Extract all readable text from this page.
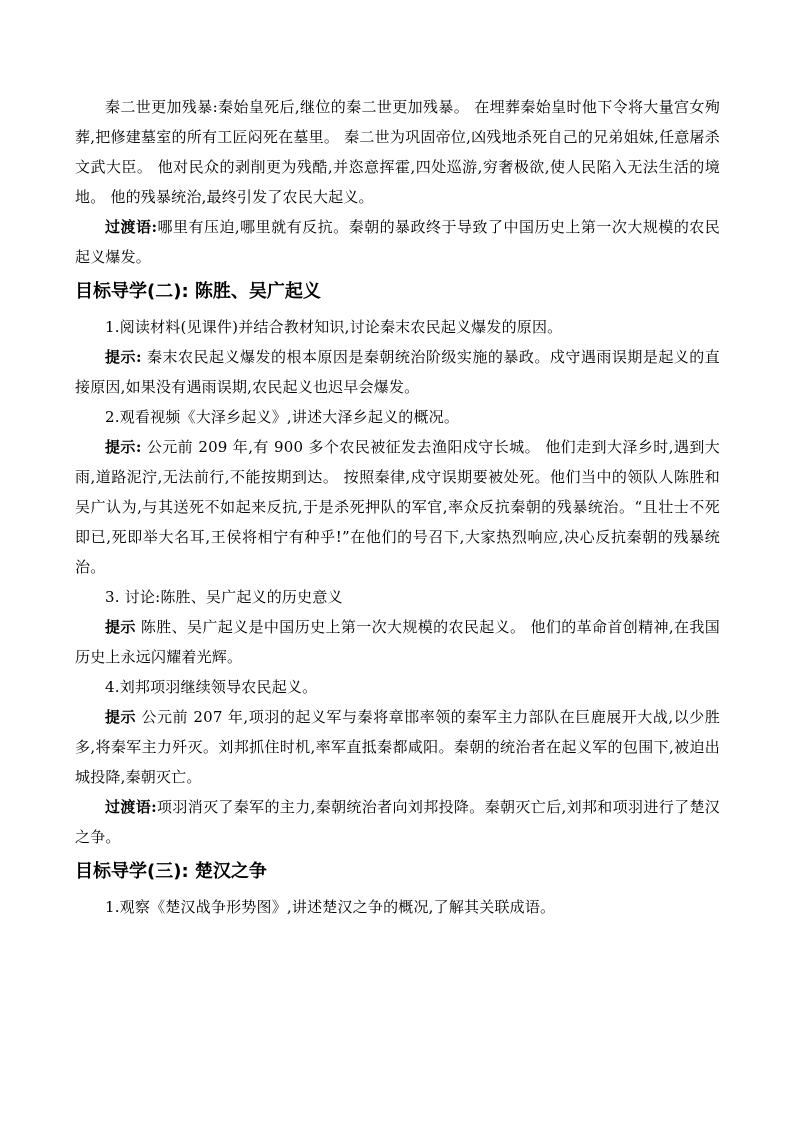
秦二世更加残暴:秦始皇死后,继位的秦二世更加残暴。 在埋葬秦始皇时他下令将大量宫女殉葬,把修建墓室的所有工匠闷死在墓里。 秦二世为巩固帝位,凶残地杀死自己的兄弟姐妹,任意屠杀文武大臣。 他对民众的剥削更为残酷,并恣意挥霍,四处巡游,穷奢极欲,使人民陷入无法生活的境地。 他的残暴统治,最终引发了农民大起义。

过渡语:哪里有压迫,哪里就有反抗。秦朝的暴政终于导致了中国历史上第一次大规模的农民起义爆发。

目标导学(二): 陈胜、吴广起义

1.阅读材料(见课件)并结合教材知识,讨论秦末农民起义爆发的原因。

提示: 秦末农民起义爆发的根本原因是秦朝统治阶级实施的暴政。戍守遇雨误期是起义的直接原因,如果没有遇雨误期,农民起义也迟早会爆发。

2.观看视频《大泽乡起义》,讲述大泽乡起义的概况。

提示: 公元前 209 年,有 900 多个农民被征发去渔阳戍守长城。 他们走到大泽乡时,遇到大雨,道路泥泞,无法前行,不能按期到达。 按照秦律,戍守误期要被处死。他们当中的领队人陈胜和吴广认为,与其送死不如起来反抗,于是杀死押队的军官,率众反抗秦朝的残暴统治。“且壮士不死即已,死即举大名耳,王侯将相宁有种乎!”在他们的号召下,大家热烈响应,决心反抗秦朝的残暴统治。

3. 讨论:陈胜、吴广起义的历史意义

提示 陈胜、吴广起义是中国历史上第一次大规模的农民起义。 他们的革命首创精神,在我国历史上永远闪耀着光辉。

4.刘邦项羽继续领导农民起义。

提示 公元前 207 年,项羽的起义军与秦将章邯率领的秦军主力部队在巨鹿展开大战,以少胜多,将秦军主力歼灭。刘邦抓住时机,率军直抵秦都咸阳。秦朝的统治者在起义军的包围下,被迫出城投降,秦朝灭亡。

过渡语:项羽消灭了秦军的主力,秦朝统治者向刘邦投降。秦朝灭亡后,刘邦和项羽进行了楚汉之争。

目标导学(三): 楚汉之争

1.观察《楚汉战争形势图》,讲述楚汉之争的概况,了解其关联成语。
